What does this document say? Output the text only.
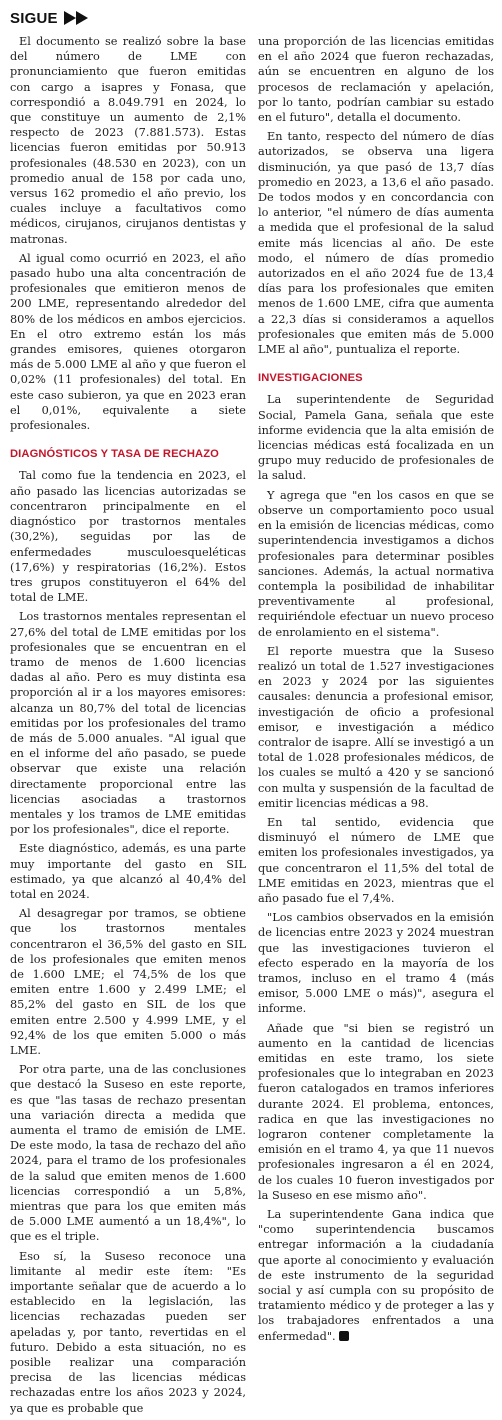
SIGUE

El documento se realizó sobre la base del número de LME con pronunciamiento que fueron emitidas con cargo a isapres y Fonasa, que correspondió a 8.049.791 en 2024, lo que constituye un aumento de 2,1% respecto de 2023 (7.881.573). Estas licencias fueron emitidas por 50.913 profesionales (48.530 en 2023), con un promedio anual de 158 por cada uno, versus 162 promedio el año previo, los cuales incluye a facultativos como médicos, cirujanos, cirujanos dentistas y matronas.

Al igual como ocurrió en 2023, el año pasado hubo una alta concentración de profesionales que emitieron menos de 200 LME, representando alrededor del 80% de los médicos en ambos ejercicios. En el otro extremo están los más grandes emisores, quienes otorgaron más de 5.000 LME al año y que fueron el 0,02% (11 profesionales) del total. En este caso subieron, ya que en 2023 eran el 0,01%, equivalente a siete profesionales.

DIAGNÓSTICOS Y TASA DE RECHAZO

Tal como fue la tendencia en 2023, el año pasado las licencias autorizadas se concentraron principalmente en el diagnóstico por trastornos mentales (30,2%), seguidas por las de enfermedades musculoesqueléticas (17,6%) y respiratorias (16,2%). Estos tres grupos constituyeron el 64% del total de LME.

Los trastornos mentales representan el 27,6% del total de LME emitidas por los profesionales que se encuentran en el tramo de menos de 1.600 licencias dadas al año. Pero es muy distinta esa proporción al ir a los mayores emisores: alcanza un 80,7% del total de licencias emitidas por los profesionales del tramo de más de 5.000 anuales. "Al igual que en el informe del año pasado, se puede observar que existe una relación directamente proporcional entre las licencias asociadas a trastornos mentales y los tramos de LME emitidas por los profesionales", dice el reporte.

Este diagnóstico, además, es una parte muy importante del gasto en SIL estimado, ya que alcanzó al 40,4% del total en 2024.

Al desagregar por tramos, se obtiene que los trastornos mentales concentraron el 36,5% del gasto en SIL de los profesionales que emiten menos de 1.600 LME; el 74,5% de los que emiten entre 1.600 y 2.499 LME; el 85,2% del gasto en SIL de los que emiten entre 2.500 y 4.999 LME, y el 92,4% de los que emiten 5.000 o más LME.

Por otra parte, una de las conclusiones que destacó la Suseso en este reporte, es que "las tasas de rechazo presentan una variación directa a medida que aumenta el tramo de emisión de LME. De este modo, la tasa de rechazo del año 2024, para el tramo de los profesionales de la salud que emiten menos de 1.600 licencias correspondió a un 5,8%, mientras que para los que emiten más de 5.000 LME aumentó a un 18,4%", lo que es el triple.

Eso sí, la Suseso reconoce una limitante al medir este ítem: "Es importante señalar que de acuerdo a lo establecido en la legislación, las licencias rechazadas pueden ser apeladas y, por tanto, revertidas en el futuro. Debido a esta situación, no es posible realizar una comparación precisa de las licencias médicas rechazadas entre los años 2023 y 2024, ya que es probable que

una proporción de las licencias emitidas en el año 2024 que fueron rechazadas, aún se encuentren en alguno de los procesos de reclamación y apelación, por lo tanto, podrían cambiar su estado en el futuro", detalla el documento.

En tanto, respecto del número de días autorizados, se observa una ligera disminución, ya que pasó de 13,7 días promedio en 2023, a 13,6 el año pasado. De todos modos y en concordancia con lo anterior, "el número de días aumenta a medida que el profesional de la salud emite más licencias al año. De este modo, el número de días promedio autorizados en el año 2024 fue de 13,4 días para los profesionales que emiten menos de 1.600 LME, cifra que aumenta a 22,3 días si consideramos a aquellos profesionales que emiten más de 5.000 LME al año", puntualiza el reporte.

INVESTIGACIONES

La superintendente de Seguridad Social, Pamela Gana, señala que este informe evidencia que la alta emisión de licencias médicas está focalizada en un grupo muy reducido de profesionales de la salud.

Y agrega que "en los casos en que se observe un comportamiento poco usual en la emisión de licencias médicas, como superintendencia investigamos a dichos profesionales para determinar posibles sanciones. Además, la actual normativa contempla la posibilidad de inhabilitar preventivamente al profesional, requiriéndole efectuar un nuevo proceso de enrolamiento en el sistema".

El reporte muestra que la Suseso realizó un total de 1.527 investigaciones en 2023 y 2024 por las siguientes causales: denuncia a profesional emisor, investigación de oficio a profesional emisor, e investigación a médico contralor de isapre. Allí se investigó a un total de 1.028 profesionales médicos, de los cuales se multó a 420 y se sancionó con multa y suspensión de la facultad de emitir licencias médicas a 98.

En tal sentido, evidencia que disminuyó el número de LME que emiten los profesionales investigados, ya que concentraron el 11,5% del total de LME emitidas en 2023, mientras que el año pasado fue el 7,4%.

"Los cambios observados en la emisión de licencias entre 2023 y 2024 muestran que las investigaciones tuvieron el efecto esperado en la mayoría de los tramos, incluso en el tramo 4 (más emisor, 5.000 LME o más)", asegura el informe.

Añade que "si bien se registró un aumento en la cantidad de licencias emitidas en este tramo, los siete profesionales que lo integraban en 2023 fueron catalogados en tramos inferiores durante 2024. El problema, entonces, radica en que las investigaciones no lograron contener completamente la emisión en el tramo 4, ya que 11 nuevos profesionales ingresaron a él en 2024, de los cuales 10 fueron investigados por la Suseso en ese mismo año".

La superintendente Gana indica que "como superintendencia buscamos entregar información a la ciudadanía que aporte al conocimiento y evaluación de este instrumento de la seguridad social y así cumpla con su propósito de tratamiento médico y de proteger a las y los trabajadores enfrentados a una enfermedad".
